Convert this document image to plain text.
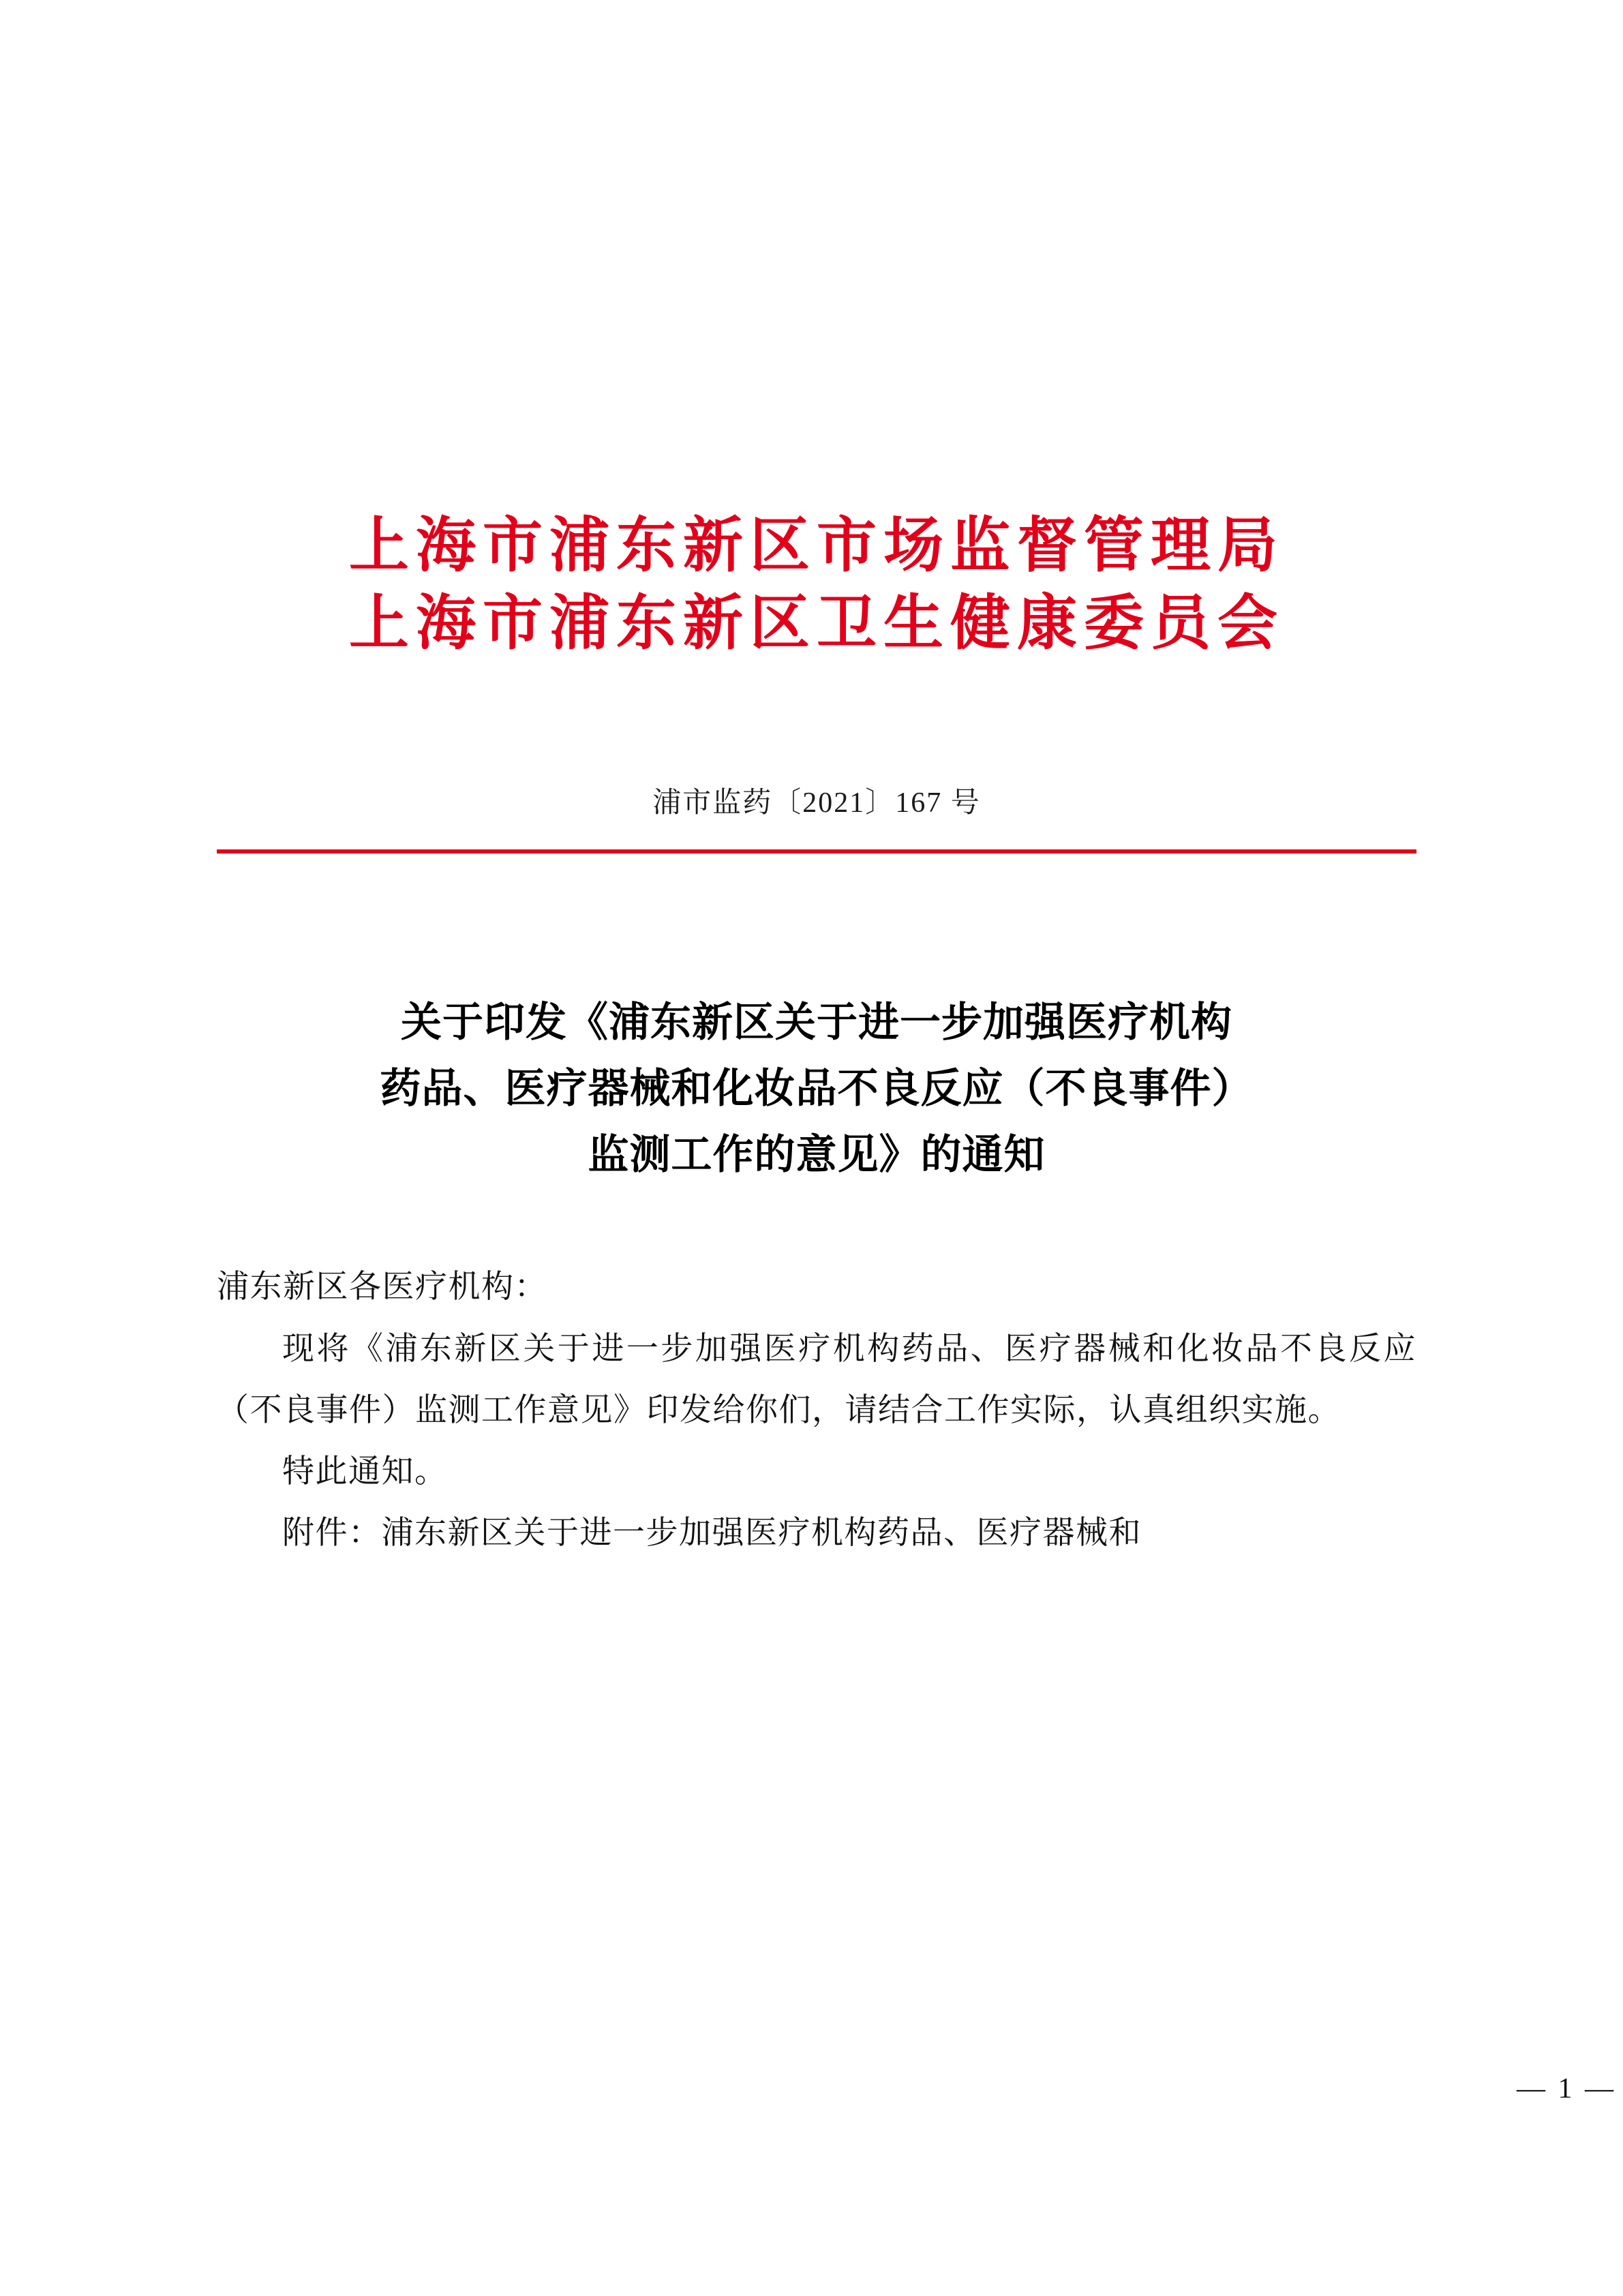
上海市浦东新区市场监督管理局
上海市浦东新区卫生健康委员会
浦市监药〔2021〕167 号
关于印发《浦东新区关于进一步加强医疗机构
药品、医疗器械和化妆品不良反应（不良事件）
监测工作的意见》的通知

浦东新区各医疗机构：

现将《浦东新区关于进一步加强医疗机构药品、医疗器械和化妆品不良反应（不良事件）监测工作意见》印发给你们，请结合工作实际，认真组织实施。

特此通知。

附件：浦东新区关于进一步加强医疗机构药品、医疗器械和

— 1 —
